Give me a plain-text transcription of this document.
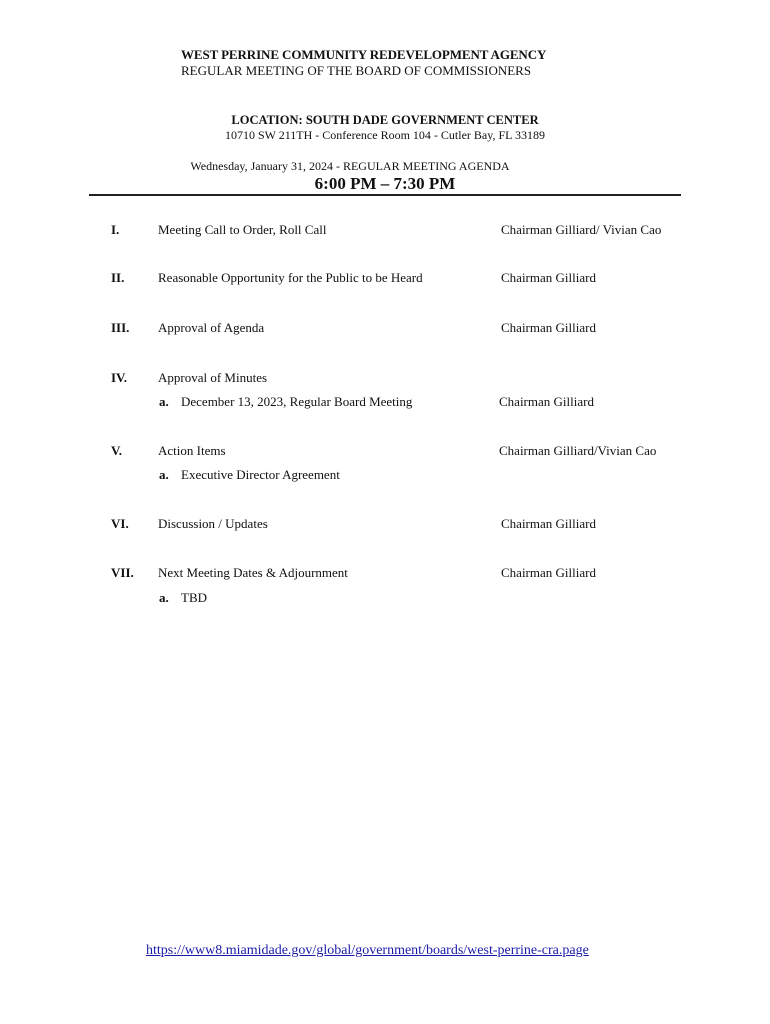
WEST PERRINE COMMUNITY REDEVELOPMENT AGENCY
REGULAR MEETING OF THE BOARD OF COMMISSIONERS
LOCATION: SOUTH DADE GOVERNMENT CENTER
10710 SW 211TH - Conference Room 104 - Cutler Bay, FL 33189
Wednesday, January 31, 2024 - REGULAR MEETING AGENDA
6:00 PM – 7:30 PM
I.	Meeting Call to Order, Roll Call	Chairman Gilliard/ Vivian Cao
II.	Reasonable Opportunity for the Public to be Heard	Chairman Gilliard
III. Approval of Agenda	Chairman Gilliard
IV. Approval of Minutes
a. December 13, 2023, Regular Board Meeting	Chairman Gilliard
V.	Action Items	Chairman Gilliard/Vivian Cao
a. Executive Director Agreement
VI. Discussion / Updates	Chairman Gilliard
VII. Next Meeting Dates & Adjournment	Chairman Gilliard
a. TBD
https://www8.miamidade.gov/global/government/boards/west-perrine-cra.page
